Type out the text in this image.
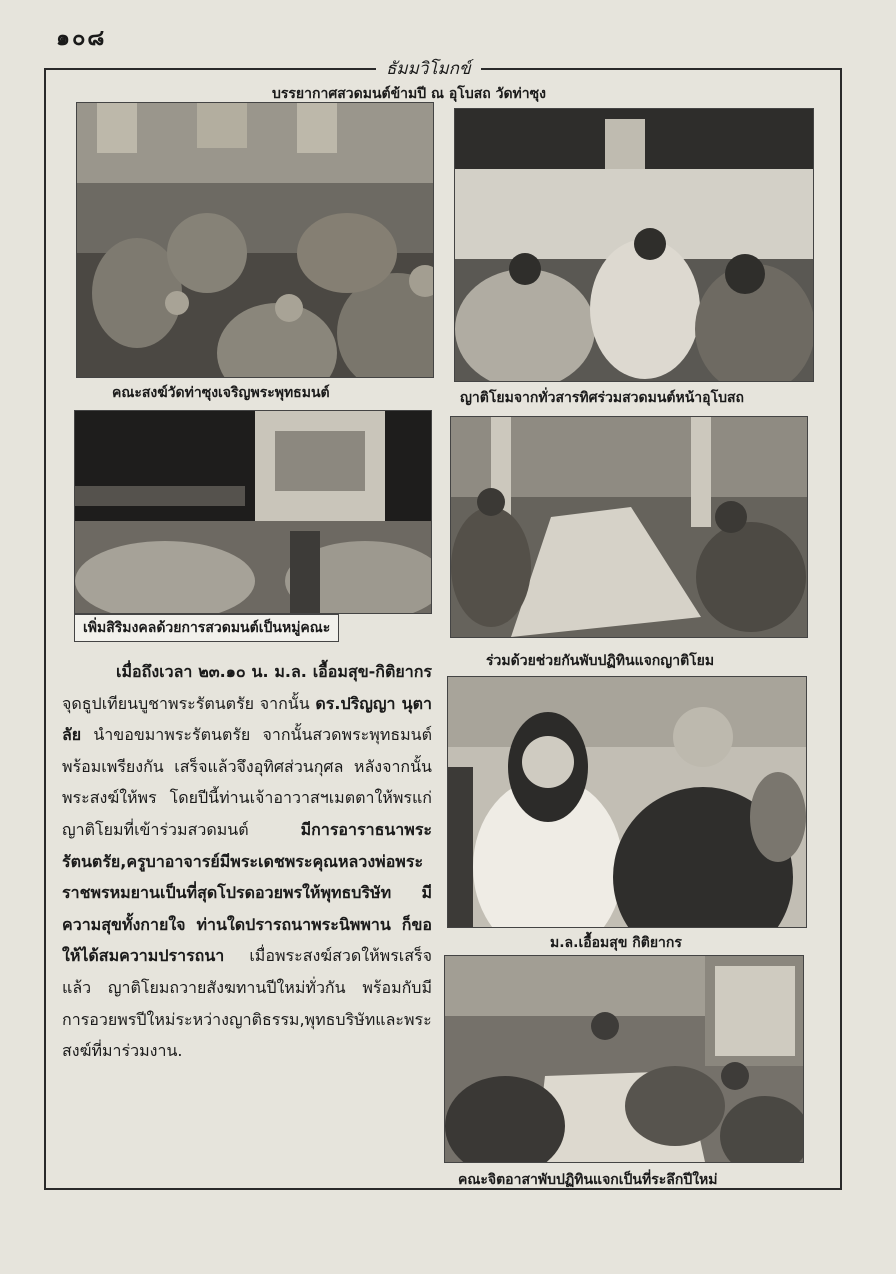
๑๐๘
ธัมมวิโมกข์
บรรยากาศสวดมนต์ข้ามปี ณ อุโบสถ วัดท่าซุง
คณะสงฆ์วัดท่าซุงเจริญพระพุทธมนต์	ญาติโยมจากทั่วสารทิศร่วมสวดมนต์หน้าอุโบสถ
เพิ่มสิริมงคลด้วยการสวดมนต์เป็นหมู่คณะ
ร่วมด้วยช่วยกันพับปฏิทินแจกญาติโยม
ม.ล.เอื้อมสุข กิติยากร
คณะจิตอาสาพับปฏิทินแจกเป็นที่ระลึกปีใหม่
เมื่อถึงเวลา ๒๓.๑๐ น. ม.ล. เอื้อมสุข-กิติยากร จุดธูปเทียนบูชาพระรัตนตรัย จากนั้น ดร.ปริญญา นุตาลัย นำขอขมาพระรัตนตรัย จากนั้นสวดพระพุทธมนต์พร้อมเพรียงกัน เสร็จแล้วจึงอุทิศส่วนกุศล หลังจากนั้นพระสงฆ์ให้พร โดยปีนี้ท่านเจ้าอาวาสฯเมตตาให้พรแก่ญาติโยมที่เข้าร่วมสวดมนต์ มีการอาราธนาพระรัตนตรัย,ครูบาอาจารย์มีพระเดชพระคุณหลวงพ่อพระราชพรหมยานเป็นที่สุดโปรดอวยพรให้พุทธบริษัท มีความสุขทั้งกายใจ ท่านใดปรารถนาพระนิพพาน ก็ขอให้ได้สมความปรารถนา เมื่อพระสงฆ์สวดให้พรเสร็จแล้ว ญาติโยมถวายสังฆทานปีใหม่ทั่วกัน พร้อมกับมีการอวยพรปีใหม่ระหว่างญาติธรรม,พุทธบริษัทและพระสงฆ์ที่มาร่วมงาน.
